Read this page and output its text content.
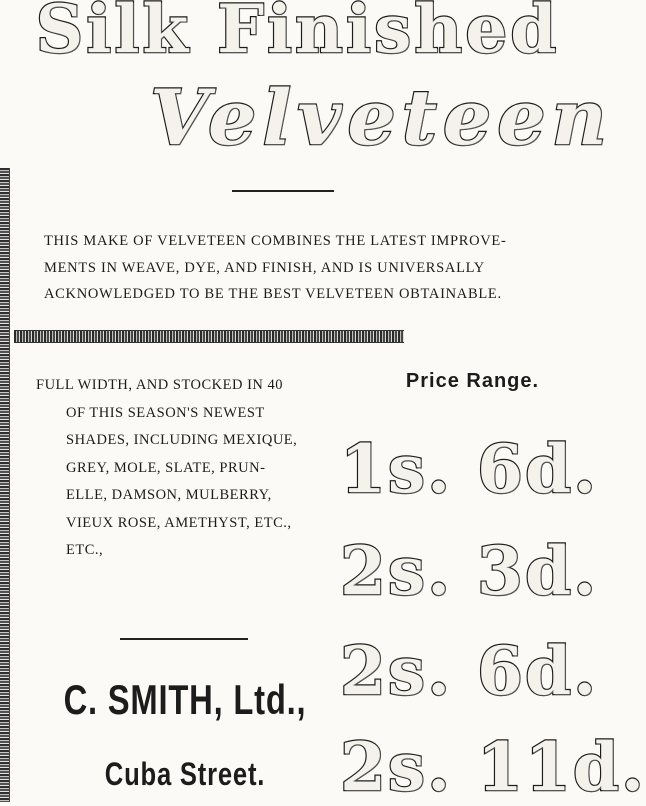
Silk Finished
Velveteen
THIS MAKE OF VELVETEEN COMBINES THE LATEST IMPROVE-
MENTS IN WEAVE, DYE, AND FINISH, AND IS UNIVERSALLY
ACKNOWLEDGED TO BE THE BEST VELVETEEN OBTAINABLE.
FULL WIDTH, AND STOCKED IN 40
OF THIS SEASON'S NEWEST
SHADES, INCLUDING MEXIQUE,
GREY, MOLE, SLATE, PRUN-
ELLE, DAMSON, MULBERRY,
VIEUX ROSE, AMETHYST, ETC.,
ETC.,
C. SMITH, Ltd.,
Cuba Street.
Price Range.
1s. 6d.
2s. 3d.
2s. 6d.
2s. 11d.
